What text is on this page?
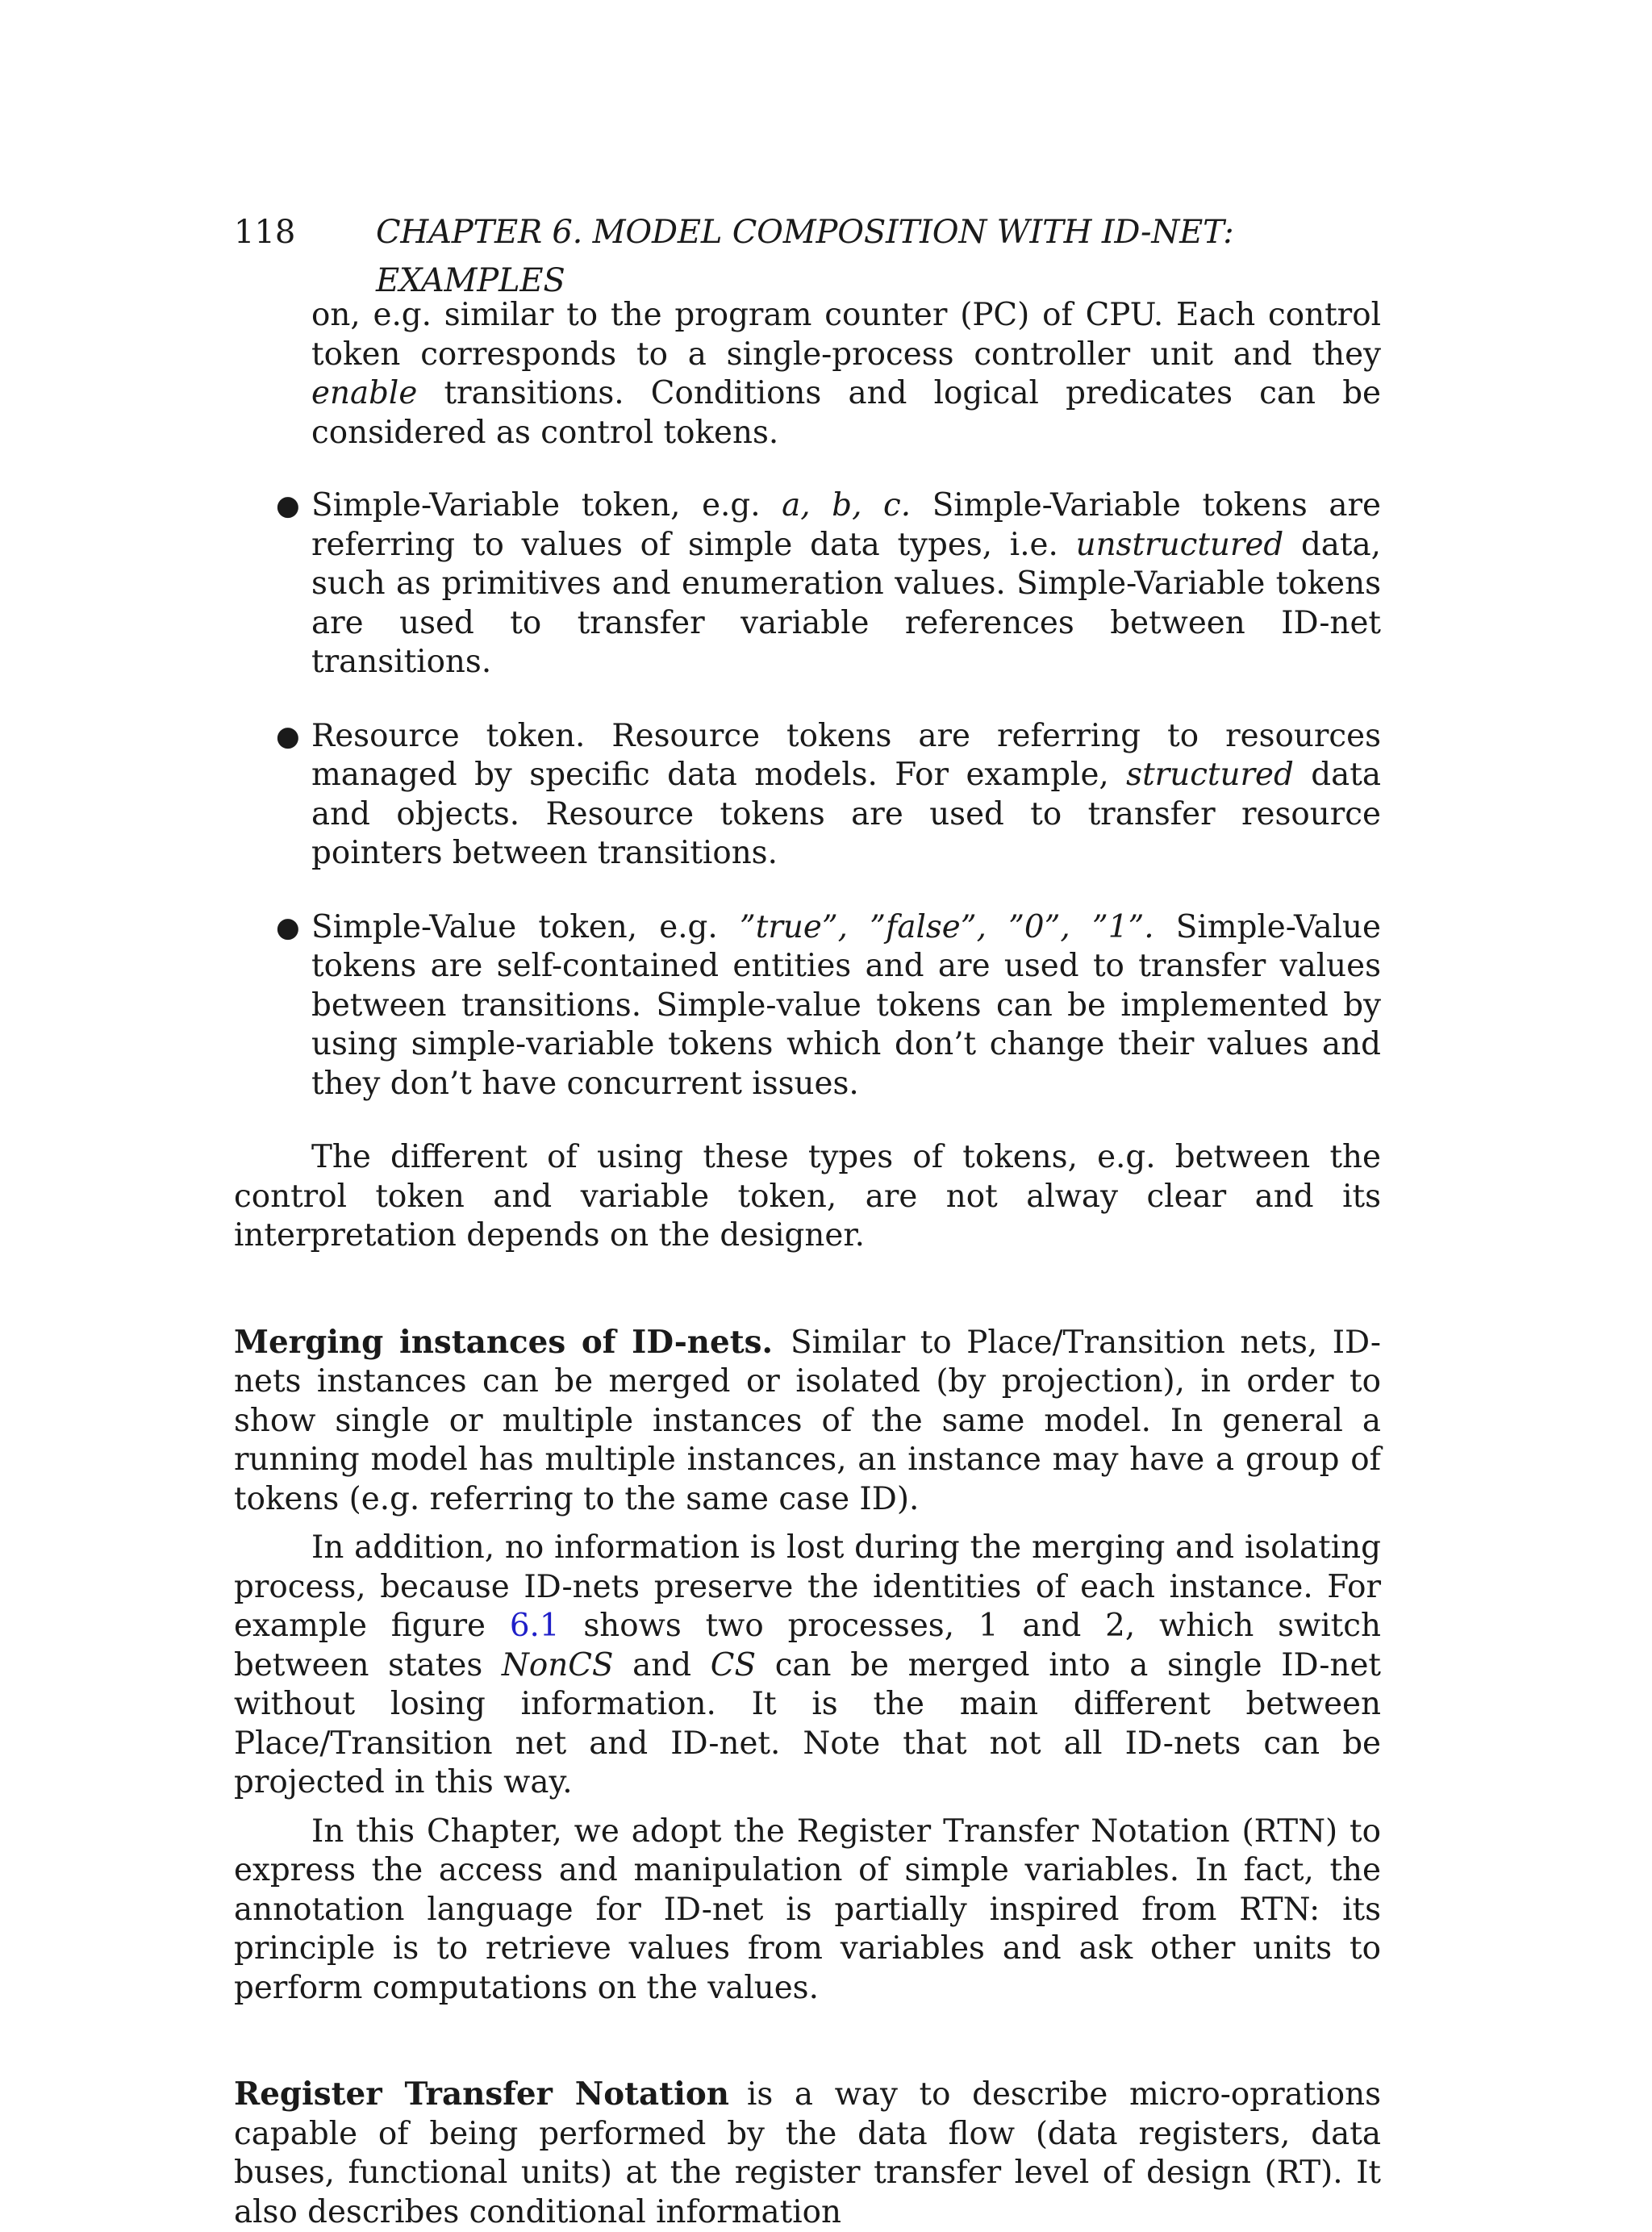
118 CHAPTER 6. MODEL COMPOSITION WITH ID-NET: EXAMPLES

on, e.g. similar to the program counter (PC) of CPU. Each control token corresponds to a single-process controller unit and they enable transitions. Conditions and logical predicates can be considered as control tokens.

● Simple-Variable token, e.g. a, b, c. Simple-Variable tokens are referring to values of simple data types, i.e. unstructured data, such as primitives and enumeration values. Simple-Variable tokens are used to transfer variable references between ID-net transitions.
● Resource token. Resource tokens are referring to resources managed by specific data models. For example, structured data and objects. Resource tokens are used to transfer resource pointers between transitions.
● Simple-Value token, e.g. ”true”, ”false”, ”0”, ”1”. Simple-Value tokens are self-contained entities and are used to transfer values between transitions. Simple-value tokens can be implemented by using simple-variable tokens which don’t change their values and they don’t have concurrent issues.

The different of using these types of tokens, e.g. between the control token and variable token, are not alway clear and its interpretation depends on the designer.

Merging instances of ID-nets. Similar to Place/Transition nets, ID-nets instances can be merged or isolated (by projection), in order to show single or multiple instances of the same model. In general a running model has multiple instances, an instance may have a group of tokens (e.g. referring to the same case ID).

In addition, no information is lost during the merging and isolating process, because ID-nets preserve the identities of each instance. For example figure 6.1 shows two processes, 1 and 2, which switch between states NonCS and CS can be merged into a single ID-net without losing information. It is the main different between Place/Transition net and ID-net. Note that not all ID-nets can be projected in this way.

In this Chapter, we adopt the Register Transfer Notation (RTN) to express the access and manipulation of simple variables. In fact, the annotation language for ID-net is partially inspired from RTN: its principle is to retrieve values from variables and ask other units to perform computations on the values.

Register Transfer Notation is a way to describe micro-oprations capable of being performed by the data flow (data registers, data buses, functional units) at the register transfer level of design (RT). It also describes conditional information
